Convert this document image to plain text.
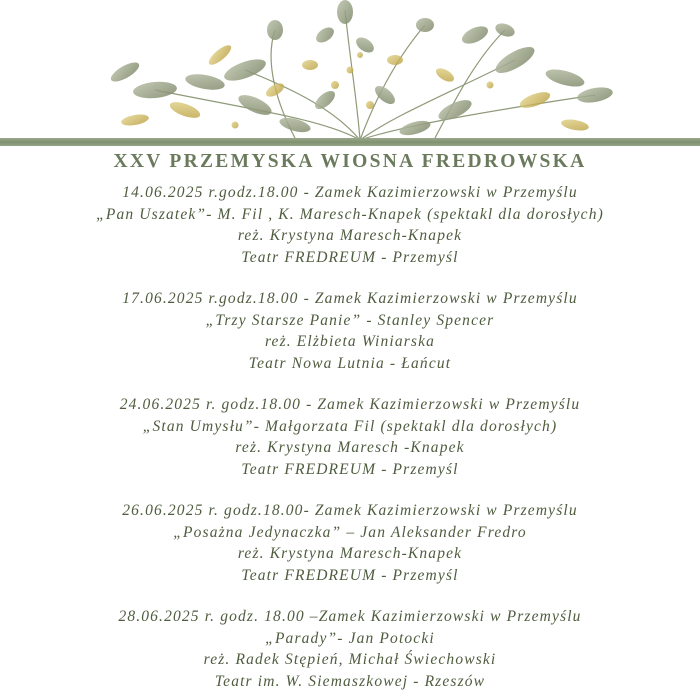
XXV PRZEMYSKA WIOSNA FREDROWSKA
14.06.2025 r.godz.18.00 - Zamek Kazimierzowski w Przemyślu
„Pan Uszatek”- M. Fil , K. Maresch-Knapek (spektakl dla dorosłych)
reż. Krystyna Maresch-Knapek
Teatr FREDREUM - Przemyśl
17.06.2025 r.godz.18.00 - Zamek Kazimierzowski w Przemyślu
„Trzy Starsze Panie” - Stanley Spencer
reż. Elżbieta Winiarska
Teatr Nowa Lutnia - Łańcut
24.06.2025 r. godz.18.00 - Zamek Kazimierzowski w Przemyślu
„Stan Umysłu”- Małgorzata Fil (spektakl dla dorosłych)
reż. Krystyna Maresch -Knapek
Teatr FREDREUM - Przemyśl
26.06.2025 r. godz.18.00- Zamek Kazimierzowski w Przemyślu
„Posażna Jedynaczka” – Jan Aleksander Fredro
reż. Krystyna Maresch-Knapek
Teatr FREDREUM - Przemyśl
28.06.2025 r. godz. 18.00 –Zamek Kazimierzowski w Przemyślu
„Parady”- Jan Potocki
reż. Radek Stępień, Michał Świechowski
Teatr im. W. Siemaszkowej - Rzeszów
